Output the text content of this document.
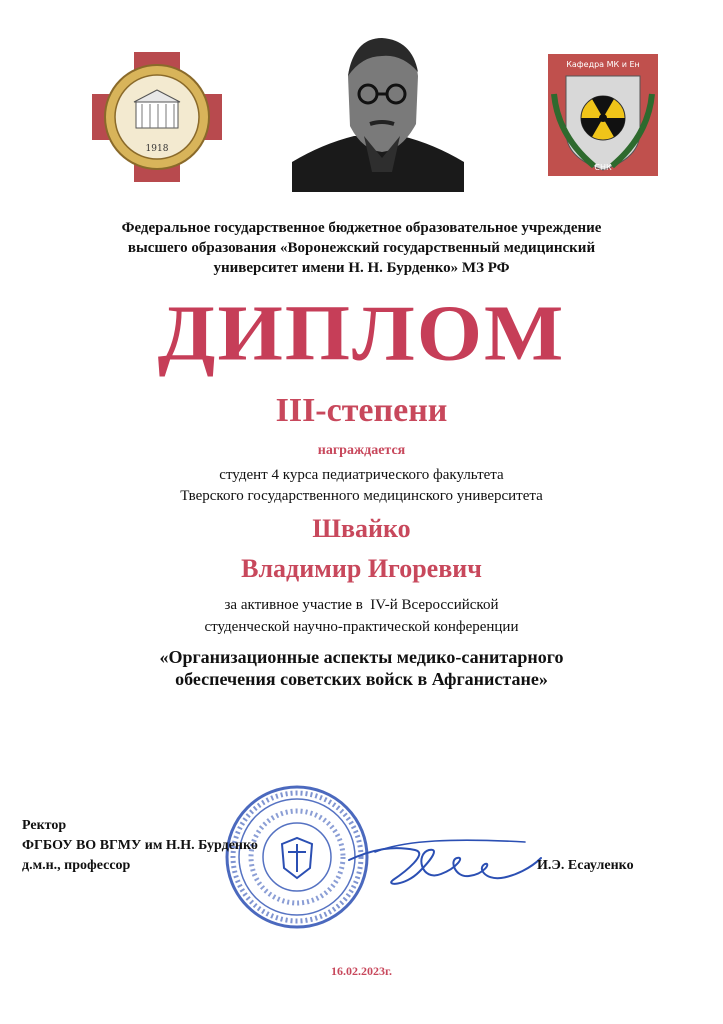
1918
Кафедра МК и Ен
СНК
Федеральное государственное бюджетное образовательное учреждение
высшего образования «Воронежский государственный медицинский
университет имени Н. Н. Бурденко» МЗ РФ
ДИПЛОМ
III-степени
награждается
студент 4 курса педиатрического факультета
Тверского государственного медицинского университета
Швайко
Владимир Игоревич
за активное участие в  IV-й Всероссийской
студенческой научно-практической конференции
«Организационные аспекты медико-санитарного
обеспечения советских войск в Афганистане»
Ректор
ФГБОУ ВО ВГМУ им Н.Н. Бурденко
д.м.н., профессор	И.Э. Есауленко
16.02.2023г.
